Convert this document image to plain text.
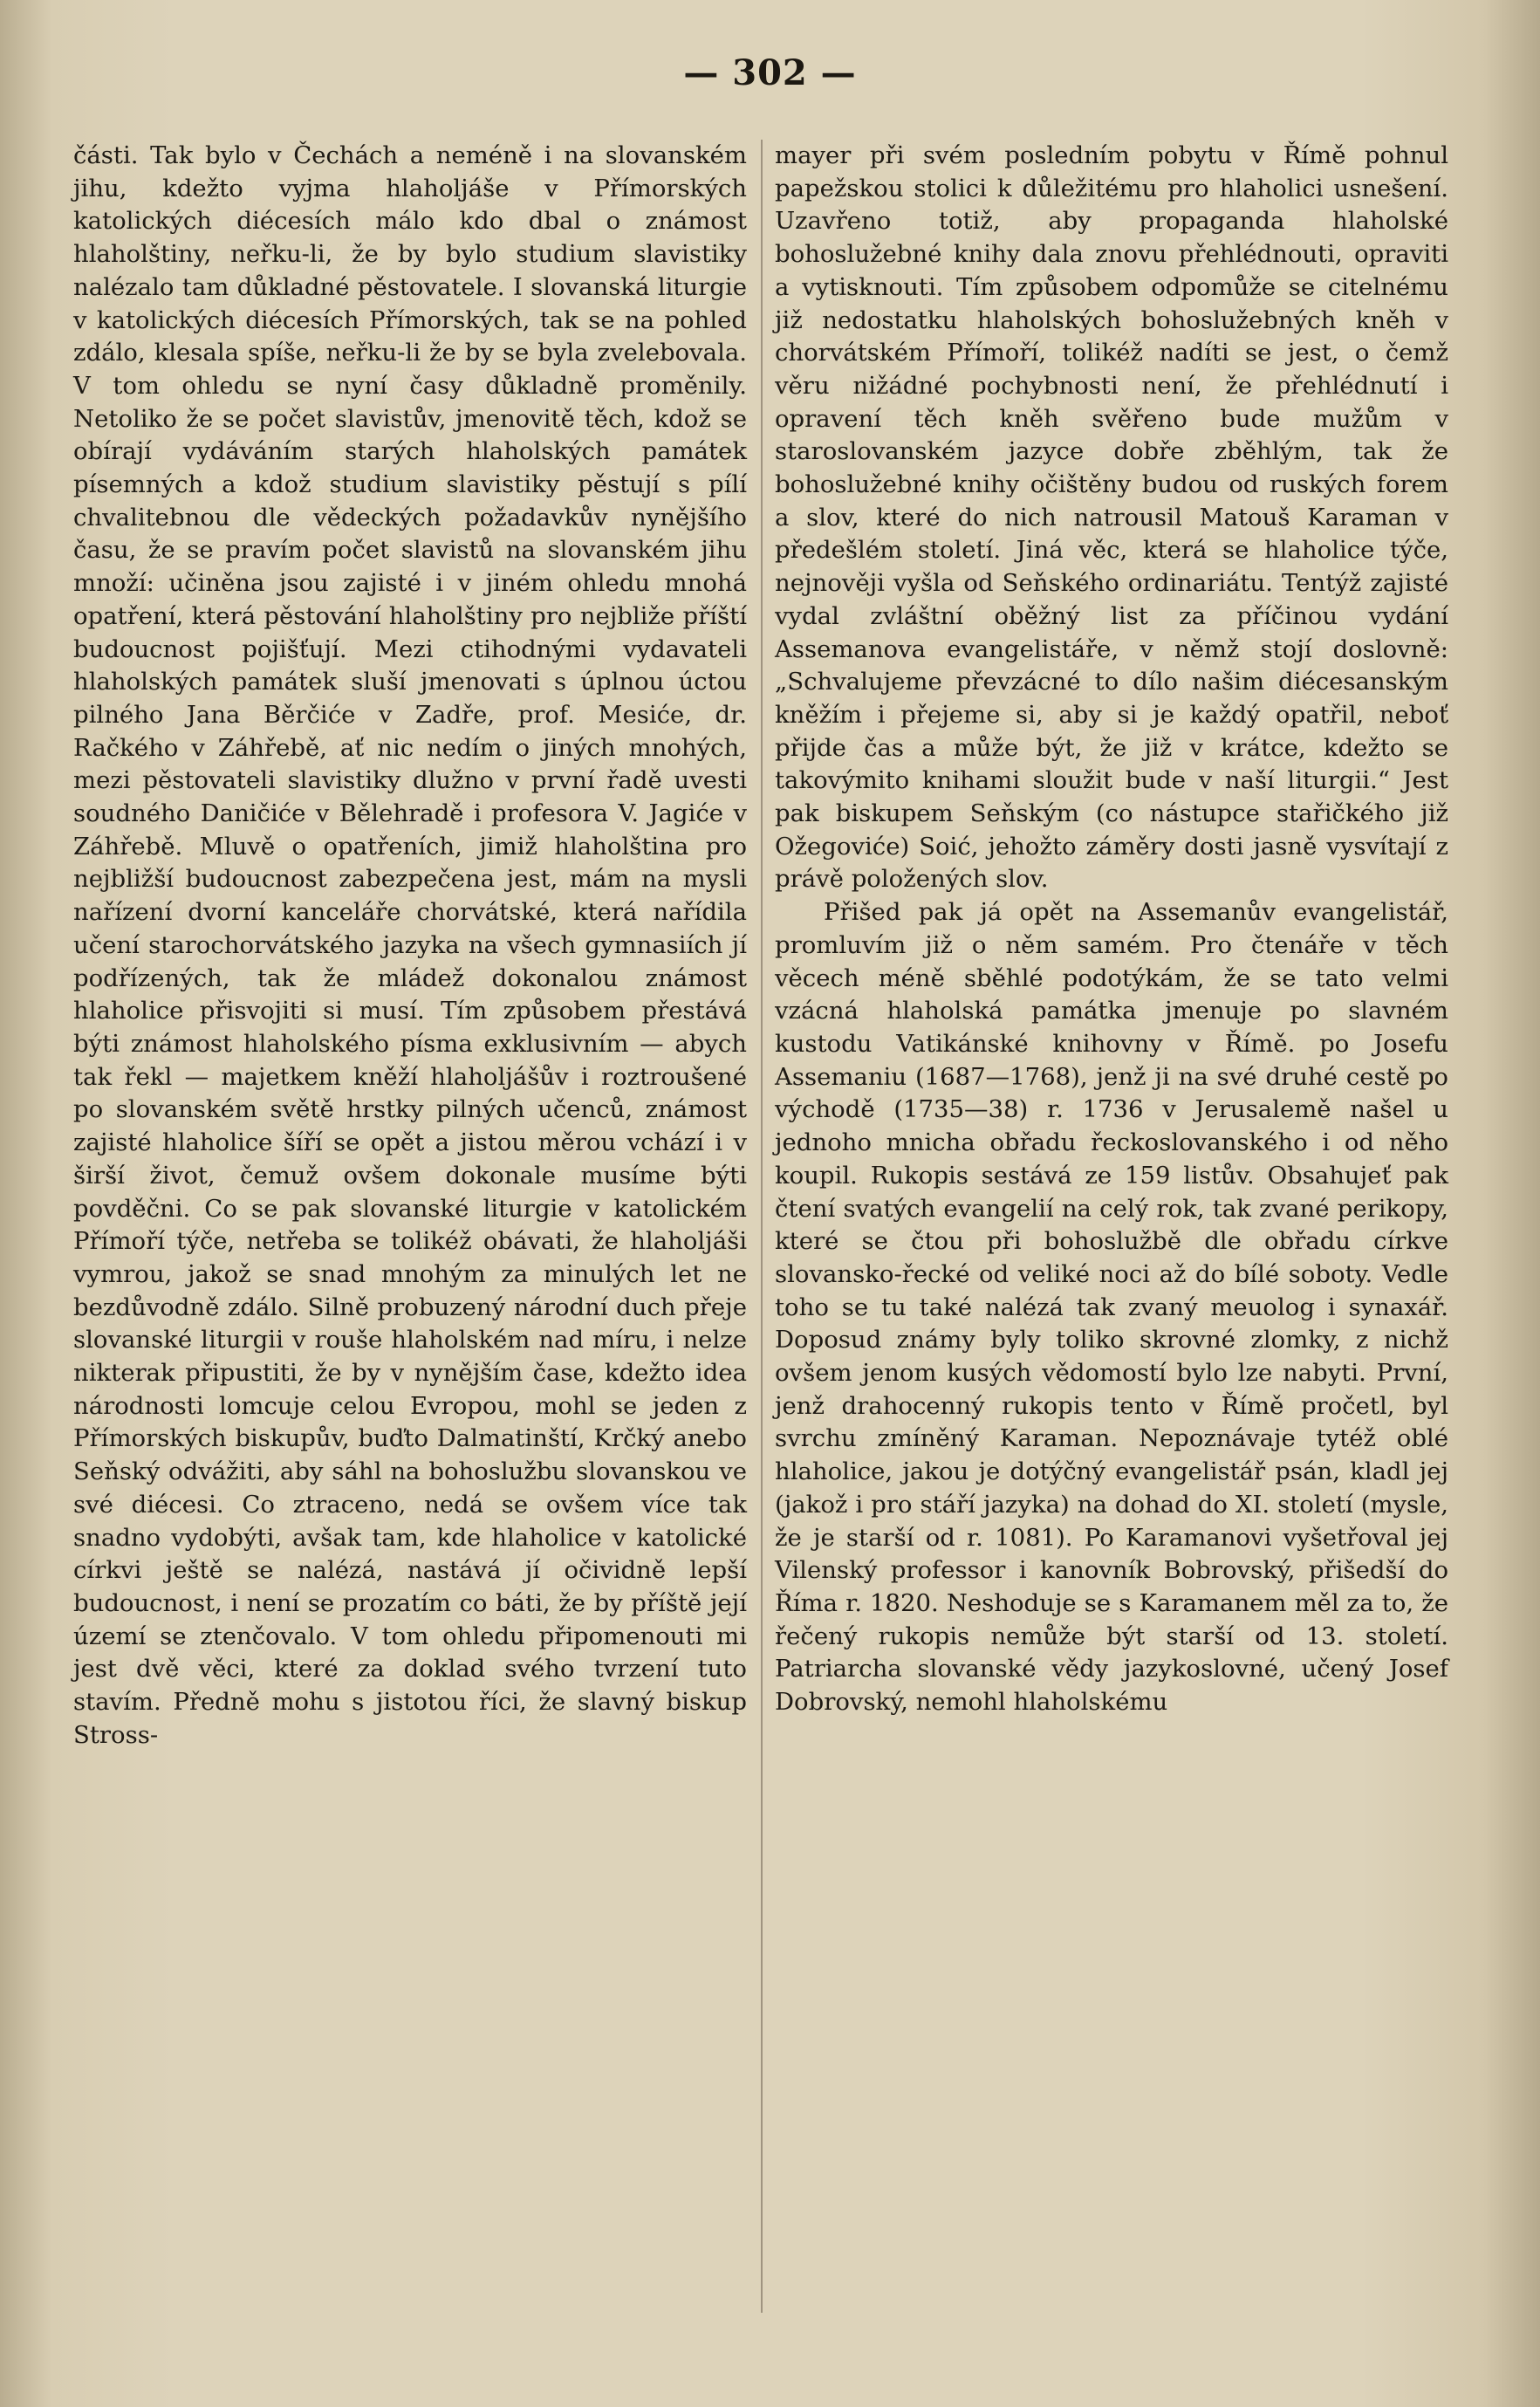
— 302 —

části. Tak bylo v Čechách a neméně i na slovanském jihu, kdežto vyjma hlaholjáše v Přímorských katolických diécesích málo kdo dbal o známost hlaholštiny, neřku-li, že by bylo studium slavistiky nalézalo tam důkladné pěstovatele. I slovanská liturgie v katolických diécesích Přímorských, tak se na pohled zdálo, klesala spíše, neřku-li že by se byla zvelebovala. V tom ohledu se nyní časy důkladně proměnily. Netoliko že se počet slavistův, jmenovitě těch, kdož se obírají vydáváním starých hlaholských památek písemných a kdož studium slavistiky pěstují s pílí chvalitebnou dle vědeckých požadavkův nynějšího času, že se pravím počet slavistů na slovanském jihu množí: učiněna jsou zajisté i v jiném ohledu mnohá opatření, která pěstování hlaholštiny pro nejbliže příští budoucnost pojišťují. Mezi ctihodnými vydavateli hlaholských památek sluší jmenovati s úplnou úctou pilného Jana Běrčiće v Zadře, prof. Mesiće, dr. Račkého v Záhřebě, ať nic nedím o jiných mnohých, mezi pěstovateli slavistiky dlužno v první řadě uvesti soudného Daničiće v Bělehradě i profesora V. Jagiće v Záhřebě. Mluvě o opatřeních, jimiž hlaholština pro nejbližší budoucnost zabezpečena jest, mám na mysli nařízení dvorní kanceláře chorvátské, která nařídila učení starochorvátského jazyka na všech gymnasiích jí podřízených, tak že mládež dokonalou známost hlaholice přisvojiti si musí. Tím způsobem přestává býti známost hlaholského písma exklusivním — abych tak řekl — majetkem kněží hlaholjášův i roztroušené po slovanském světě hrstky pilných učenců, známost zajisté hlaholice šíří se opět a jistou měrou vchází i v širší život, čemuž ovšem dokonale musíme býti povděčni. Co se pak slovanské liturgie v katolickém Přímoří týče, netřeba se tolikéž obávati, že hlaholjáši vymrou, jakož se snad mnohým za minulých let ne bezdůvodně zdálo. Silně probuzený národní duch přeje slovanské liturgii v rouše hlaholském nad míru, i nelze nikterak připustiti, že by v nynějším čase, kdežto idea národnosti lomcuje celou Evropou, mohl se jeden z Přímorských biskupův, buďto Dalmatinští, Krčký anebo Seňský odvážiti, aby sáhl na bohoslužbu slovanskou ve své diécesi. Co ztraceno, nedá se ovšem více tak snadno vydobýti, avšak tam, kde hlaholice v katolické církvi ještě se nalézá, nastává jí očividně lepší budoucnost, i není se prozatím co báti, že by příště její území se ztenčovalo. V tom ohledu připomenouti mi jest dvě věci, které za doklad svého tvrzení tuto stavím. Předně mohu s jistotou říci, že slavný biskup Stross-

mayer při svém posledním pobytu v Římě pohnul papežskou stolici k důležitému pro hlaholici usnešení. Uzavřeno totiž, aby propaganda hlaholské bohoslužebné knihy dala znovu přehlédnouti, opraviti a vytisknouti. Tím způsobem odpomůže se citelnému již nedostatku hlaholských bohoslužebných kněh v chorvátském Přímoří, tolikéž nadíti se jest, o čemž věru nižádné pochybnosti není, že přehlédnutí i opravení těch kněh svěřeno bude mužům v staroslovanském jazyce dobře zběhlým, tak že bohoslužebné knihy očištěny budou od ruských forem a slov, které do nich natrousil Matouš Karaman v předešlém století. Jiná věc, která se hlaholice týče, nejnověji vyšla od Seňského ordinariátu. Tentýž zajisté vydal zvláštní oběžný list za příčinou vydání Assemanova evangelistáře, v němž stojí doslovně: „Schvalujeme převzácné to dílo našim diécesanským kněžím i přejeme si, aby si je každý opatřil, neboť přijde čas a může být, že již v krátce, kdežto se takovýmito knihami sloužit bude v naší liturgii.“ Jest pak biskupem Seňským (co nástupce stařičkého již Ožegoviće) Soić, jehožto záměry dosti jasně vysvítají z právě položených slov.

Přišed pak já opět na Assemanův evangelistář, promluvím již o něm samém. Pro čtenáře v těch věcech méně sběhlé podotýkám, že se tato velmi vzácná hlaholská památka jmenuje po slavném kustodu Vatikánské knihovny v Římě. po Josefu Assemaniu (1687—1768), jenž ji na své druhé cestě po východě (1735—38) r. 1736 v Jerusalemě našel u jednoho mnicha obřadu řeckoslovanského i od něho koupil. Rukopis sestává ze 159 listův. Obsahujeť pak čtení svatých evangelií na celý rok, tak zvané perikopy, které se čtou při bohoslužbě dle obřadu církve slovansko-řecké od veliké noci až do bílé soboty. Vedle toho se tu také nalézá tak zvaný meuolog i synaxář. Doposud známy byly toliko skrovné zlomky, z nichž ovšem jenom kusých vědomostí bylo lze nabyti. První, jenž drahocenný rukopis tento v Římě pročetl, byl svrchu zmíněný Karaman. Nepoznávaje tytéž oblé hlaholice, jakou je dotýčný evangelistář psán, kladl jej (jakož i pro stáří jazyka) na dohad do XI. století (mysle, že je starší od r. 1081). Po Karamanovi vyšetřoval jej Vilenský professor i kanovník Bobrovský, přišedší do Říma r. 1820. Neshoduje se s Karamanem měl za to, že řečený rukopis nemůže být starší od 13. století. Patriarcha slovanské vědy jazykoslovné, učený Josef Dobrovský, nemohl hlaholskému
